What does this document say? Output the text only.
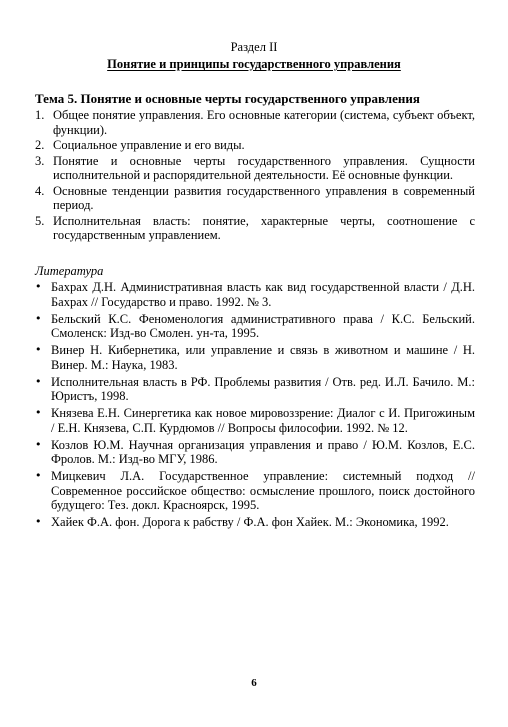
Раздел II
Понятие и принципы государственного управления
Тема 5. Понятие и основные черты государственного управления
1. Общее понятие управления. Его основные категории (система, субъект объект, функции).
2. Социальное управление и его виды.
3. Понятие и основные черты государственного управления. Сущности исполнительной и распорядительной деятельности. Её основные функции.
4. Основные тенденции развития государственного управления в современный период.
5. Исполнительная власть: понятие, характерные черты, соотношение с государственным управлением.
Литература
• Бахрах Д.Н. Административная власть как вид государственной власти / Д.Н. Бахрах // Государство и право. 1992. № 3.
• Бельский К.С. Феноменология административного права / К.С. Бельский. Смоленск: Изд-во Смолен. ун-та, 1995.
• Винер Н. Кибернетика, или управление и связь в животном и машине / Н. Винер. М.: Наука, 1983.
• Исполнительная власть в РФ. Проблемы развития / Отв. ред. И.Л. Бачило. М.: Юристъ, 1998.
• Князева Е.Н. Синергетика как новое мировоззрение: Диалог с И. Пригожиным / Е.Н. Князева, С.П. Курдюмов // Вопросы философии. 1992. № 12.
• Козлов Ю.М. Научная организация управления и право / Ю.М. Козлов, Е.С. Фролов. М.: Изд-во МГУ, 1986.
• Мицкевич Л.А. Государственное управление: системный подход // Современное российское общество: осмысление прошлого, поиск достойного будущего: Тез. докл. Красноярск, 1995.
• Хайек Ф.А. фон. Дорога к рабству / Ф.А. фон Хайек. М.: Экономика, 1992.
6
